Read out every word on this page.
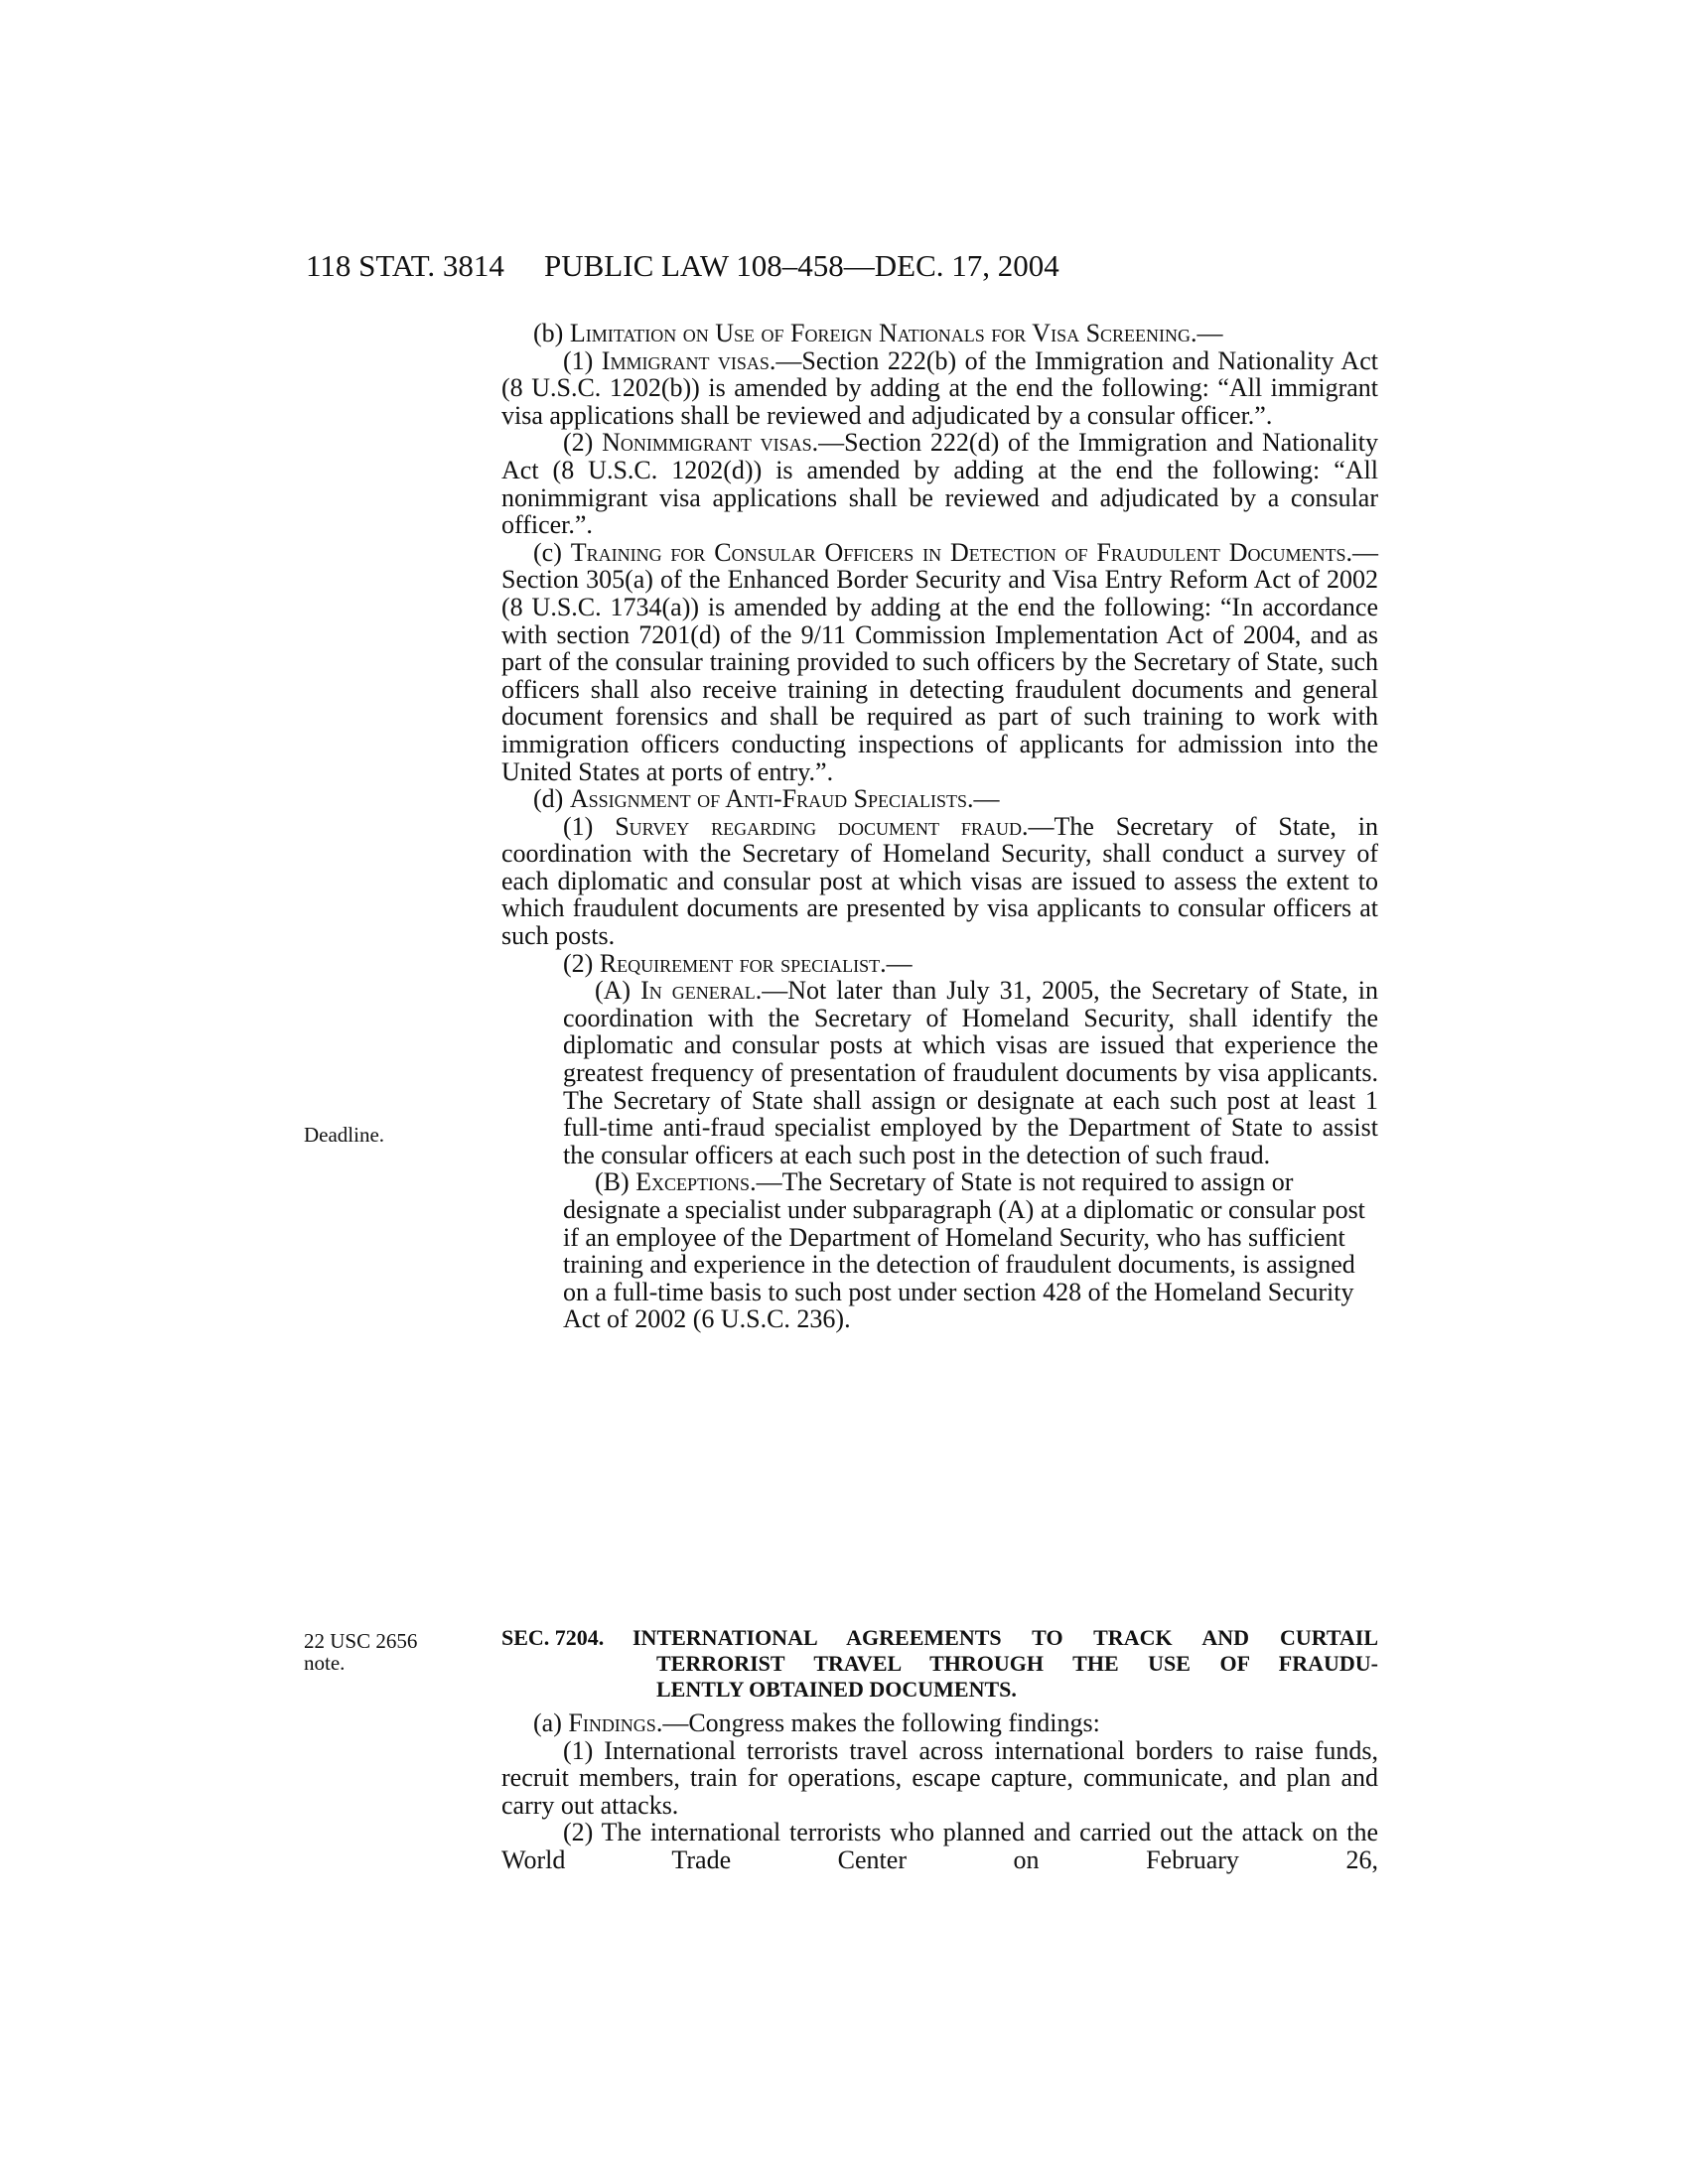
118 STAT. 3814 PUBLIC LAW 108–458—DEC. 17, 2004
Deadline.
22 USC 2656
note.

(b) Limitation on Use of Foreign Nationals for Visa Screening.—

(1) Immigrant visas.—Section 222(b) of the Immigration and Nationality Act (8 U.S.C. 1202(b)) is amended by adding at the end the following: “All immigrant visa applications shall be reviewed and adjudicated by a consular officer.”.

(2) Nonimmigrant visas.—Section 222(d) of the Immigration and Nationality Act (8 U.S.C. 1202(d)) is amended by adding at the end the following: “All nonimmigrant visa applications shall be reviewed and adjudicated by a consular officer.”.

(c) Training for Consular Officers in Detection of Fraudulent Documents.—Section 305(a) of the Enhanced Border Security and Visa Entry Reform Act of 2002 (8 U.S.C. 1734(a)) is amended by adding at the end the following: “In accordance with section 7201(d) of the 9/11 Commission Implementation Act of 2004, and as part of the consular training provided to such officers by the Secretary of State, such officers shall also receive training in detecting fraudulent documents and general document forensics and shall be required as part of such training to work with immigration officers conducting inspections of applicants for admission into the United States at ports of entry.”.

(d) Assignment of Anti-Fraud Specialists.—

(1) Survey regarding document fraud.—The Secretary of State, in coordination with the Secretary of Homeland Security, shall conduct a survey of each diplomatic and consular post at which visas are issued to assess the extent to which fraudulent documents are presented by visa applicants to consular officers at such posts.

(2) Requirement for specialist.—

(A) In general.—Not later than July 31, 2005, the Secretary of State, in coordination with the Secretary of Homeland Security, shall identify the diplomatic and consular posts at which visas are issued that experience the greatest frequency of presentation of fraudulent documents by visa applicants. The Secretary of State shall assign or designate at each such post at least 1 full-time anti-fraud specialist employed by the Department of State to assist the consular officers at each such post in the detection of such fraud.

(B) Exceptions.—The Secretary of State is not required to assign or designate a specialist under subparagraph (A) at a diplomatic or consular post if an employee of the Department of Homeland Security, who has sufficient training and experience in the detection of fraudulent documents, is assigned on a full-time basis to such post under section 428 of the Homeland Security Act of 2002 (6 U.S.C. 236).

SEC. 7204. INTERNATIONAL AGREEMENTS TO TRACK AND CURTAIL
TERRORIST TRAVEL THROUGH THE USE OF FRAUDU-
LENTLY OBTAINED DOCUMENTS.

(a) Findings.—Congress makes the following findings:

(1) International terrorists travel across international borders to raise funds, recruit members, train for operations, escape capture, communicate, and plan and carry out attacks.

(2) The international terrorists who planned and carried out the attack on the World Trade Center on February 26,
